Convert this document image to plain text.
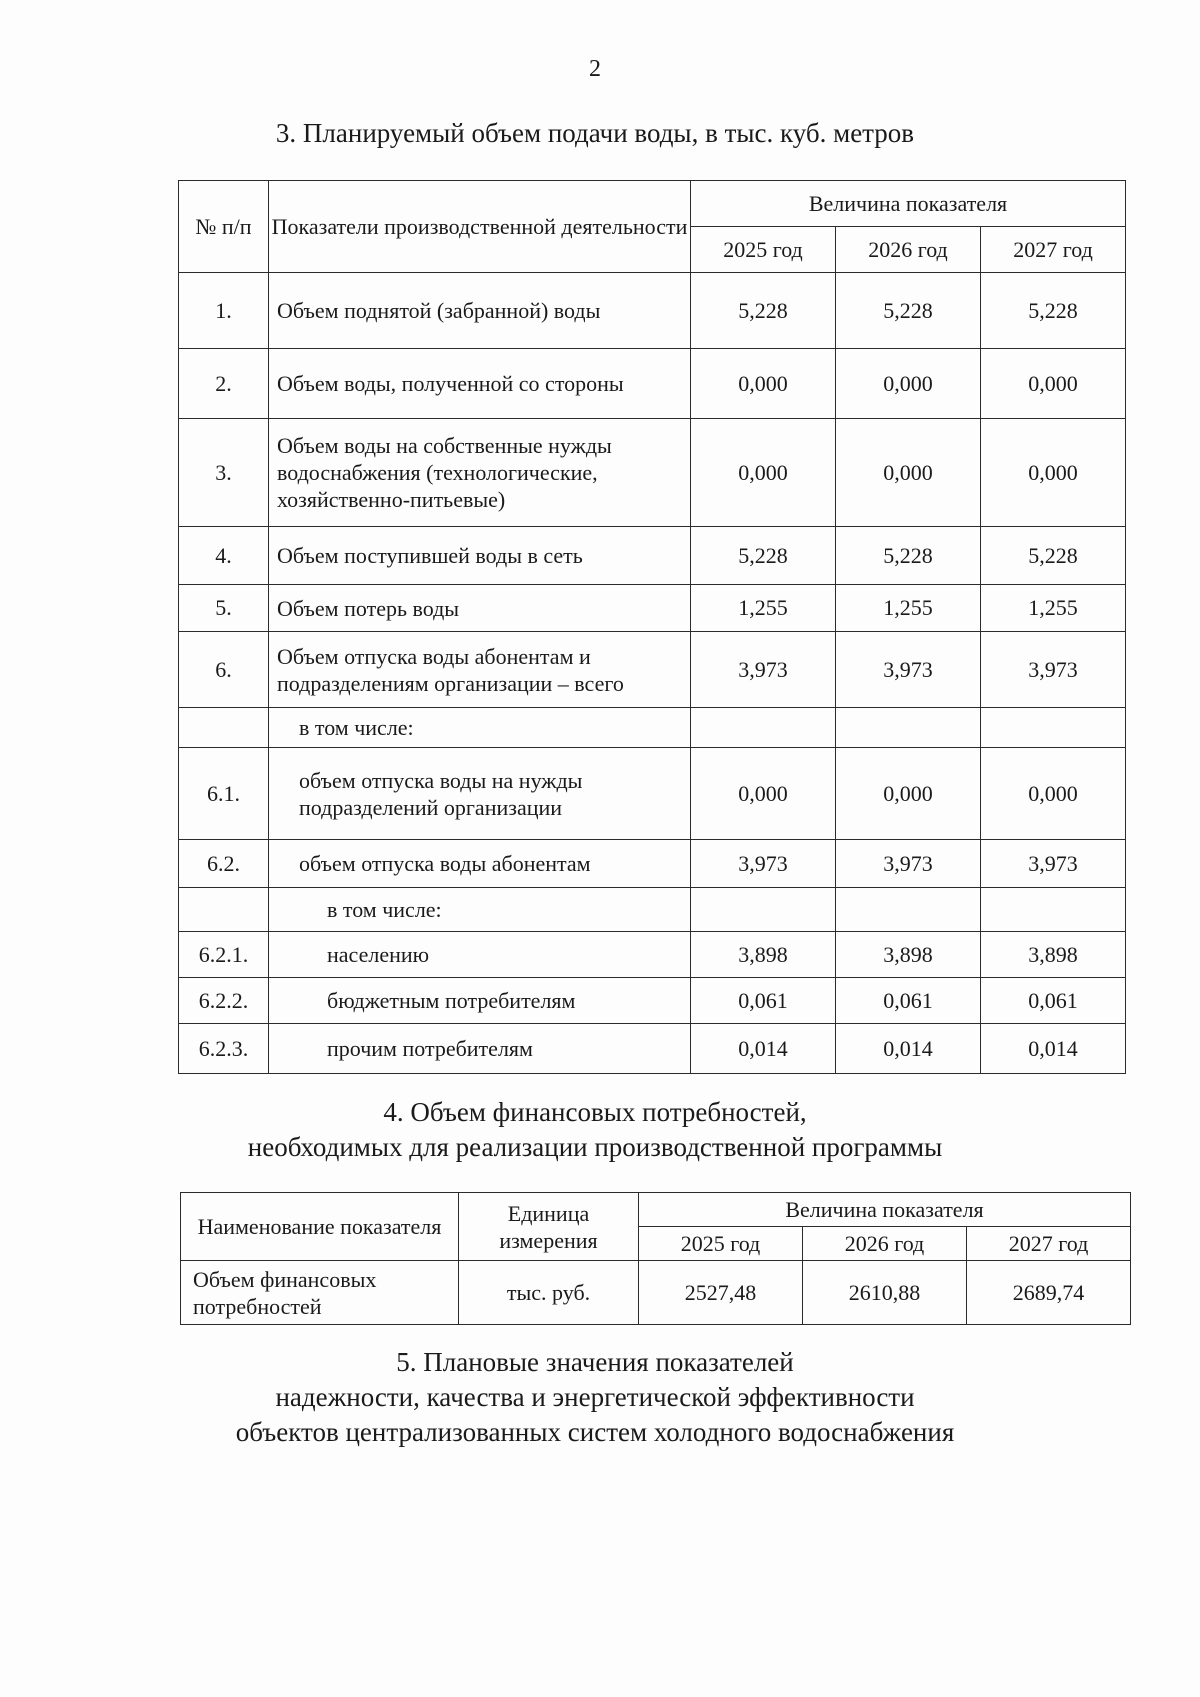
2
3. Планируемый объем подачи воды, в тыс. куб. метров
№ п/п	Показатели производственной деятельности	Величина показателя		
		2025 год	2026 год	2027 год
1.	Объем поднятой (забранной) воды	5,228	5,228	5,228
2.	Объем воды, полученной со стороны	0,000	0,000	0,000
3.	Объем воды на собственные нужды водоснабжения (технологические, хозяйственно-питьевые)	0,000	0,000	0,000
4.	Объем поступившей воды в сеть	5,228	5,228	5,228
5.	Объем потерь воды	1,255	1,255	1,255
6.	Объем отпуска воды абонентам и подразделениям организации – всего	3,973	3,973	3,973
	в том числе:			
6.1.	объем отпуска воды на нужды подразделений организации	0,000	0,000	0,000
6.2.	объем отпуска воды абонентам	3,973	3,973	3,973
	в том числе:			
6.2.1.	населению	3,898	3,898	3,898
6.2.2.	бюджетным потребителям	0,061	0,061	0,061
6.2.3.	прочим потребителям	0,014	0,014	0,014
4. Объем финансовых потребностей,
необходимых для реализации производственной программы
Наименование показателя	Единица измерения	Величина показателя		
		2025 год	2026 год	2027 год
Объем финансовых потребностей	тыс. руб.	2527,48	2610,88	2689,74
5. Плановые значения показателей
надежности, качества и энергетической эффективности
объектов централизованных систем холодного водоснабжения
